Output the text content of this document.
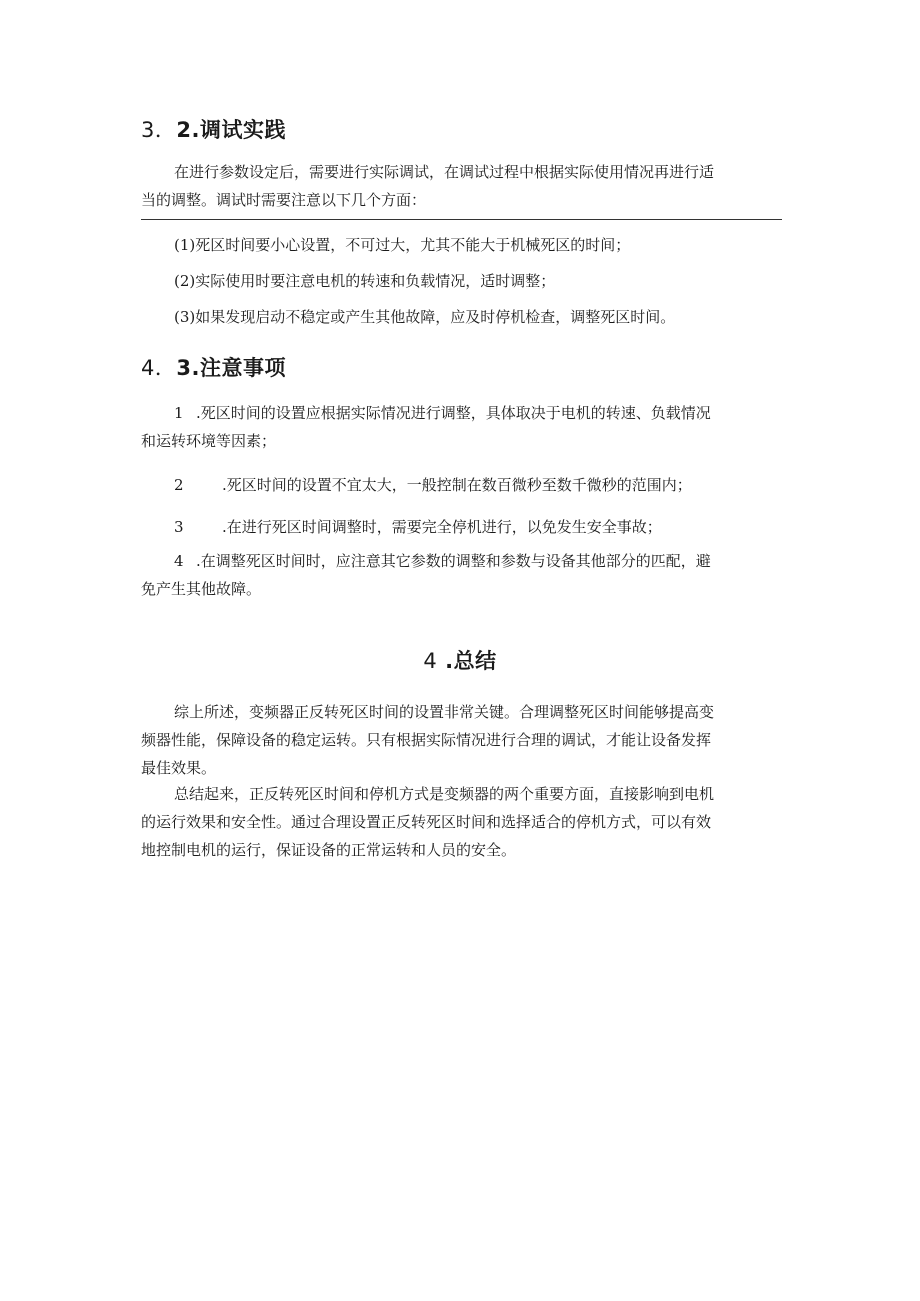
3．2.调试实践
在进行参数设定后，需要进行实际调试，在调试过程中根据实际使用情况再进行适
当的调整。调试时需要注意以下几个方面：
(1)死区时间要小心设置，不可过大，尤其不能大于机械死区的时间；
(2)实际使用时要注意电机的转速和负载情况，适时调整；
(3)如果发现启动不稳定或产生其他故障，应及时停机检查，调整死区时间。
4．3.注意事项
1 .死区时间的设置应根据实际情况进行调整，具体取决于电机的转速、负载情况
和运转环境等因素；
2	.死区时间的设置不宜太大，一般控制在数百微秒至数千微秒的范围内；
3	.在进行死区时间调整时，需要完全停机进行，以免发生安全事故；
4 .在调整死区时间时，应注意其它参数的调整和参数与设备其他部分的匹配，避
免产生其他故障。
4 .总结
综上所述，变频器正反转死区时间的设置非常关键。合理调整死区时间能够提高变
频器性能，保障设备的稳定运转。只有根据实际情况进行合理的调试，才能让设备发挥
最佳效果。
总结起来，正反转死区时间和停机方式是变频器的两个重要方面，直接影响到电机
的运行效果和安全性。通过合理设置正反转死区时间和选择适合的停机方式，可以有效
地控制电机的运行，保证设备的正常运转和人员的安全。
